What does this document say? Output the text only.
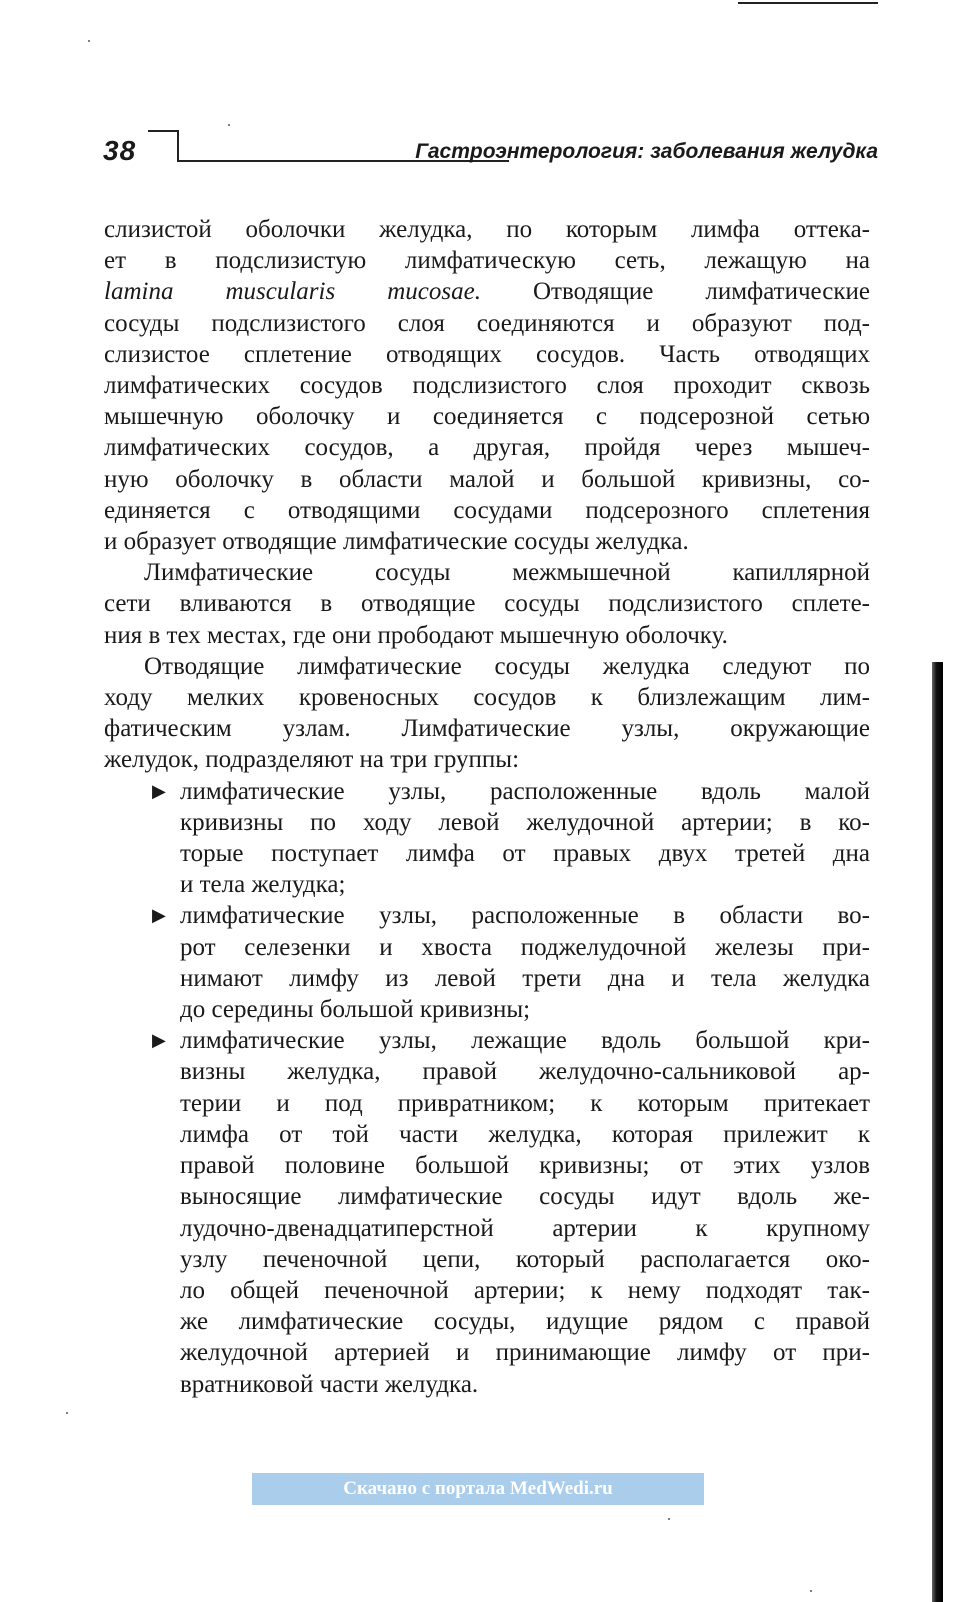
38	Гастроэнтерология: заболевания желудка
слизистой оболочки желудка, по которым лимфа оттека-
ет в подслизистую лимфатическую сеть, лежащую на
lamina muscularis mucosae. Отводящие лимфатические
сосуды подслизистого слоя соединяются и образуют под-
слизистое сплетение отводящих сосудов. Часть отводящих
лимфатических сосудов подслизистого слоя проходит сквозь
мышечную оболочку и соединяется с подсерозной сетью
лимфатических сосудов, а другая, пройдя через мышеч-
ную оболочку в области малой и большой кривизны, со-
единяется с отводящими сосудами подсерозного сплетения
и образует отводящие лимфатические сосуды желудка.
Лимфатические сосуды межмышечной капиллярной
сети вливаются в отводящие сосуды подслизистого сплете-
ния в тех местах, где они прободают мышечную оболочку.
Отводящие лимфатические сосуды желудка следуют по
ходу мелких кровеносных сосудов к близлежащим лим-
фатическим узлам. Лимфатические узлы, окружающие
желудок, подразделяют на три группы:
▶ лимфатические узлы, расположенные вдоль малой
кривизны по ходу левой желудочной артерии; в ко-
торые поступает лимфа от правых двух третей дна
и тела желудка;
▶ лимфатические узлы, расположенные в области во-
рот селезенки и хвоста поджелудочной железы при-
нимают лимфу из левой трети дна и тела желудка
до середины большой кривизны;
▶ лимфатические узлы, лежащие вдоль большой кри-
визны желудка, правой желудочно-сальниковой ар-
терии и под привратником; к которым притекает
лимфа от той части желудка, которая прилежит к
правой половине большой кривизны; от этих узлов
выносящие лимфатические сосуды идут вдоль же-
лудочно-двенадцатиперстной артерии к крупному
узлу печеночной цепи, который располагается око-
ло общей печеночной артерии; к нему подходят так-
же лимфатические сосуды, идущие рядом с правой
желудочной артерией и принимающие лимфу от при-
вратниковой части желудка.
Скачано с портала MedWedi.ru
